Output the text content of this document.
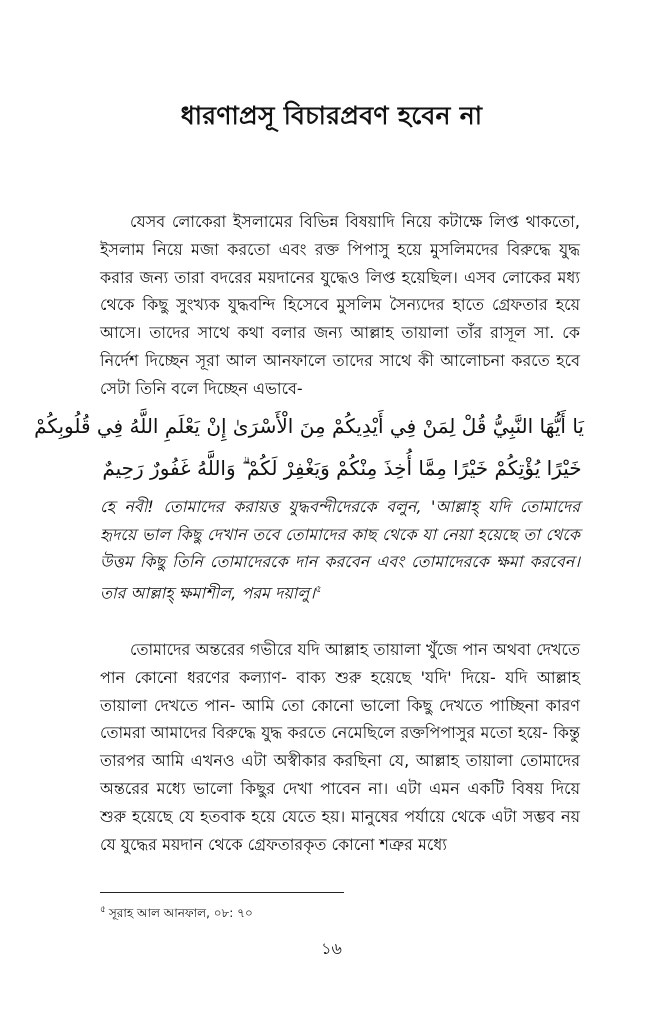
ধারণাপ্রসূ বিচারপ্রবণ হবেন না
যেসব লোকেরা ইসলামের বিভিন্ন বিষয়াদি নিয়ে কটাক্ষে লিপ্ত থাকতো, ইসলাম নিয়ে মজা করতো এবং রক্ত পিপাসু হয়ে মুসলিমদের বিরুদ্ধে যুদ্ধ করার জন্য তারা বদরের ময়দানের যুদ্ধেও লিপ্ত হয়েছিল। এসব লোকের মধ্য থেকে কিছু সুংখ্যক যুদ্ধবন্দি হিসেবে মুসলিম সৈন্যদের হাতে গ্রেফতার হয়ে আসে। তাদের সাথে কথা বলার জন্য আল্লাহ তায়ালা তাঁর রাসূল সা. কে নির্দেশ দিচ্ছেন সূরা আল আনফালে তাদের সাথে কী আলোচনা করতে হবে সেটা তিনি বলে দিচ্ছেন এভাবে-
يَا أَيُّهَا النَّبِيُّ قُلْ لِمَنْ فِي أَيْدِيكُمْ مِنَ الْأَسْرَىٰ إِنْ يَعْلَمِ اللَّهُ فِي قُلُوبِكُمْ
خَيْرًا يُؤْتِكُمْ خَيْرًا مِمَّا أُخِذَ مِنْكُمْ وَيَغْفِرْ لَكُمْ ۗ وَاللَّهُ غَفُورٌ رَحِيمٌ
হে নবী! তোমাদের করায়ত্ত যুদ্ধবন্দীদেরকে বলুন, 'আল্লাহ্ যদি তোমাদের হৃদয়ে ভাল কিছু দেখান তবে তোমাদের কাছ থেকে যা নেয়া হয়েছে তা থেকে উত্তম কিছু তিনি তোমাদেরকে দান করবেন এবং তোমাদেরকে ক্ষমা করবেন। তার আল্লাহ্ ক্ষমাশীল, পরম দয়ালু।$^৫$
তোমাদের অন্তরের গভীরে যদি আল্লাহ তায়ালা খুঁজে পান অথবা দেখতে পান কোনো ধরণের কল্যাণ- বাক্য শুরু হয়েছে 'যদি' দিয়ে- যদি আল্লাহ তায়ালা দেখতে পান- আমি তো কোনো ভালো কিছু দেখতে পাচ্ছিনা কারণ তোমরা আমাদের বিরুদ্ধে যুদ্ধ করতে নেমেছিলে রক্তপিপাসুর মতো হয়ে- কিন্তু তারপর আমি এখনও এটা অস্বীকার করছিনা যে, আল্লাহ তায়ালা তোমাদের অন্তরের মধ্যে ভালো কিছুর দেখা পাবেন না। এটা এমন একটি বিষয় দিয়ে শুরু হয়েছে যে হতবাক হয়ে যেতে হয়। মানুষের পর্যায়ে থেকে এটা সম্ভব নয় যে যুদ্ধের ময়দান থেকে গ্রেফতারকৃত কোনো শত্রুর মধ্যে
$^৫$ সূরাহ আল আনফাল, ০৮: ৭০
১৬
